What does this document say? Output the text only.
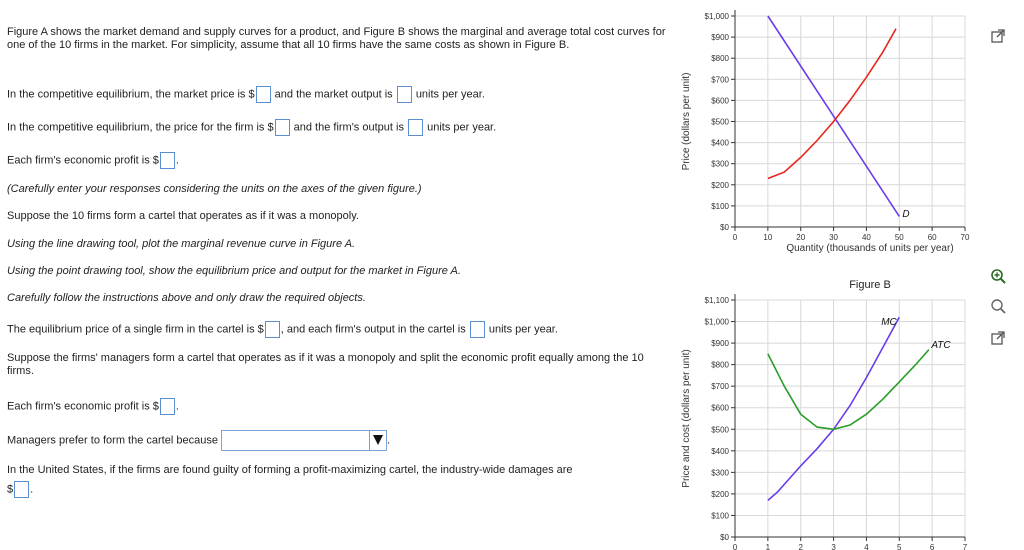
Figure A shows the market demand and supply curves for a product, and Figure B shows the marginal and average total cost curves for one of the 10 firms in the market. For simplicity, assume that all 10 firms have the same costs as shown in Figure B.
In the competitive equilibrium, the market price is $ and the market output is units per year.
In the competitive equilibrium, the price for the firm is $ and the firm's output is units per year.
Each firm's economic profit is $ .
(Carefully enter your responses considering the units on the axes of the given figure.)
Suppose the 10 firms form a cartel that operates as if it was a monopoly.
Using the line drawing tool, plot the marginal revenue curve in Figure A.
Using the point drawing tool, show the equilibrium price and output for the market in Figure A.
Carefully follow the instructions above and only draw the required objects.
The equilibrium price of a single firm in the cartel is $ , and each firm's output in the cartel is units per year.
Suppose the firms' managers form a cartel that operates as if it was a monopoly and split the economic profit equally among the 10 firms.
Each firm's economic profit is $ .
Managers prefer to form the cartel because	.
In the United States, if the firms are found guilty of forming a profit-maximizing cartel, the industry-wide damages are
$ .
$0
$100
$200
$300
$400
$500
$600
$700
$800
$900
$1,000
0	10	20	30	40	50	60	70
Price (dollars per unit)
Quantity (thousands of units per year)
D
$0
$100
$200
$300
$400
$500
$600
$700
$800
$900
$1,000
$1,100
0	1	2	3	4	5	6	7
Price and cost (dollars per unit)
Figure B
MC
ATC
